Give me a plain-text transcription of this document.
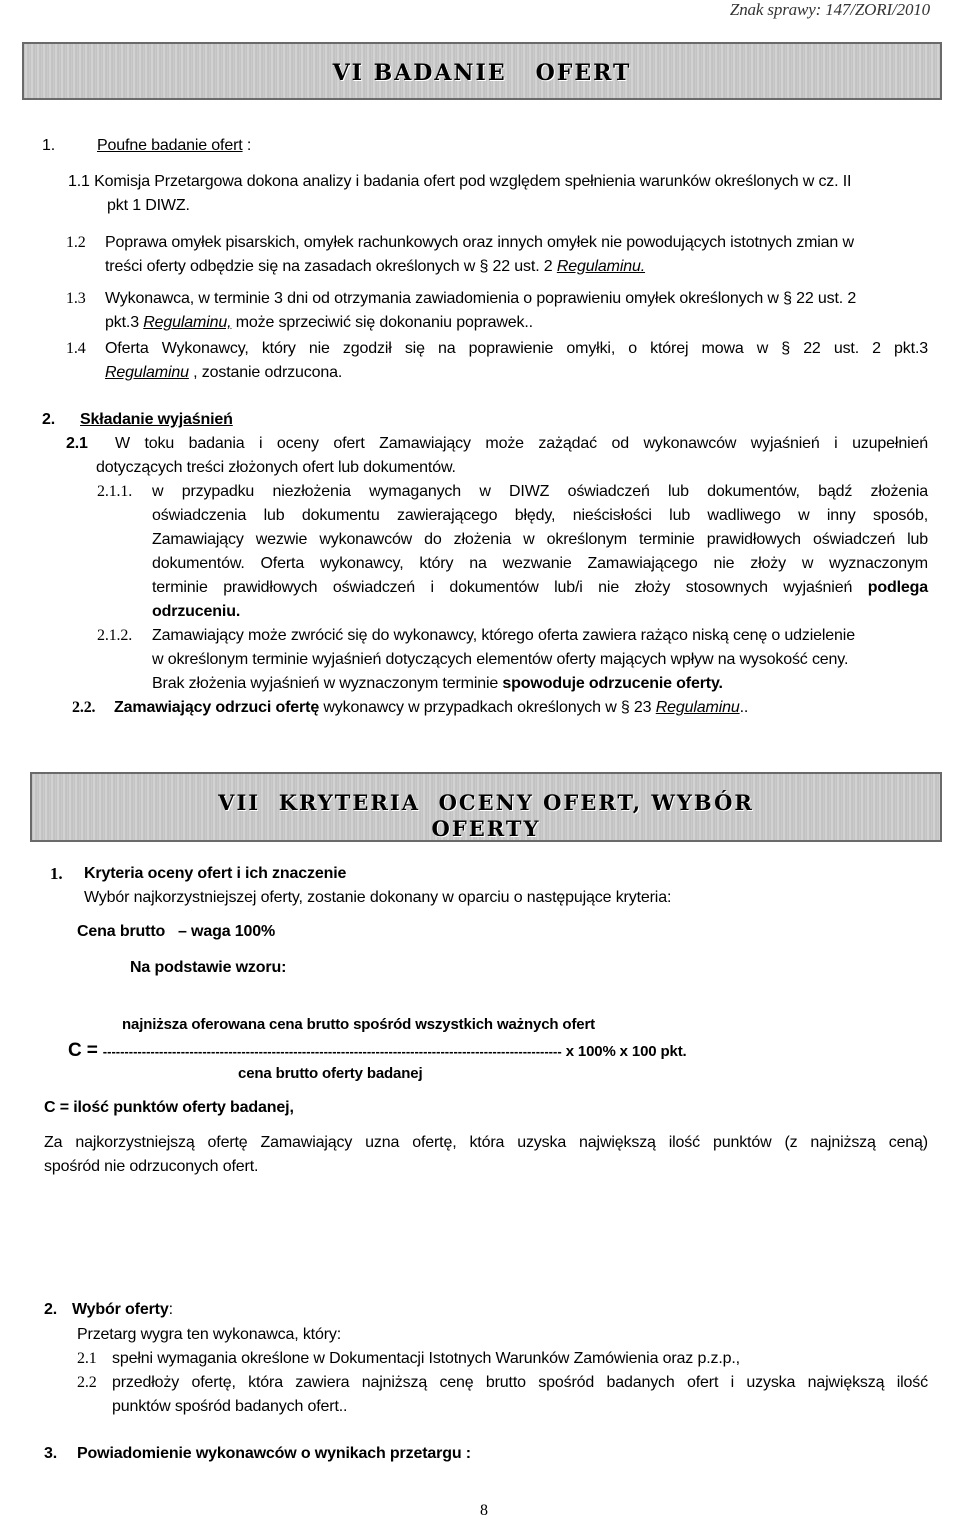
Znak sprawy: 147/ZORI/2010
VI BADANIE   OFERT
1.	Poufne badanie ofert :
1.1 Komisja Przetargowa dokona analizy i badania ofert pod względem spełnienia warunków określonych w cz. II
pkt 1 DIWZ.
1.2 Poprawa omyłek pisarskich, omyłek rachunkowych oraz innych omyłek nie powodujących istotnych zmian w
treści oferty odbędzie się na zasadach określonych w § 22 ust. 2 Regulaminu.
1.3 Wykonawca, w terminie 3 dni od otrzymania zawiadomienia o poprawieniu omyłek określonych w § 22 ust. 2
pkt.3 Regulaminu, może sprzeciwić się dokonaniu poprawek..
1.4 Oferta Wykonawcy, który nie zgodził się na poprawienie omyłki, o której mowa w § 22 ust. 2 pkt.3
Regulaminu , zostanie odrzucona.
2. Składanie wyjaśnień
2.1 W toku badania i oceny ofert Zamawiający może zażądać od wykonawców wyjaśnień i uzupełnień
dotyczących treści złożonych ofert lub dokumentów.
2.1.1. w przypadku niezłożenia wymaganych w DIWZ oświadczeń lub dokumentów, bądź złożenia
oświadczenia lub dokumentu zawierającego błędy, nieścisłości lub wadliwego w inny sposób,
Zamawiający wezwie wykonawców do złożenia w określonym terminie prawidłowych oświadczeń lub
dokumentów. Oferta wykonawcy, który na wezwanie Zamawiającego nie złoży w wyznaczonym
terminie prawidłowych oświadczeń i dokumentów lub/i nie złoży stosownych wyjaśnień podlega
odrzuceniu.
2.1.2. Zamawiający może zwrócić się do wykonawcy, którego oferta zawiera rażąco niską cenę o udzielenie
w określonym terminie wyjaśnień dotyczących elementów oferty mających wpływ na wysokość ceny.
Brak złożenia wyjaśnień w wyznaczonym terminie spowoduje odrzucenie oferty.
2.2. Zamawiający odrzuci ofertę wykonawcy w przypadkach określonych w § 23 Regulaminu..
VII  KRYTERIA  OCENY OFERT, WYBÓR
OFERTY
1. Kryteria oceny ofert i ich znaczenie
Wybór najkorzystniejszej oferty, zostanie dokonany w oparciu o następujące kryteria:
Cena brutto   – waga 100%
Na podstawie wzoru:
najniższa oferowana cena brutto spośród wszystkich ważnych ofert
C = ---------------------------------------------------------------------------------------------------------- x 100% x 100 pkt.
cena brutto oferty badanej
C = ilość punktów oferty badanej,
Za najkorzystniejszą ofertę Zamawiający uzna ofertę, która uzyska największą ilość punktów (z najniższą ceną)
spośród nie odrzuconych ofert.
2. Wybór oferty:
Przetarg wygra ten wykonawca, który:
2.1 spełni wymagania określone w Dokumentacji Istotnych Warunków Zamówienia oraz p.z.p.,
2.2 przedłoży ofertę, która zawiera najniższą cenę brutto spośród badanych ofert i uzyska największą ilość
punktów spośród badanych ofert..
3. Powiadomienie wykonawców o wynikach przetargu :
8
